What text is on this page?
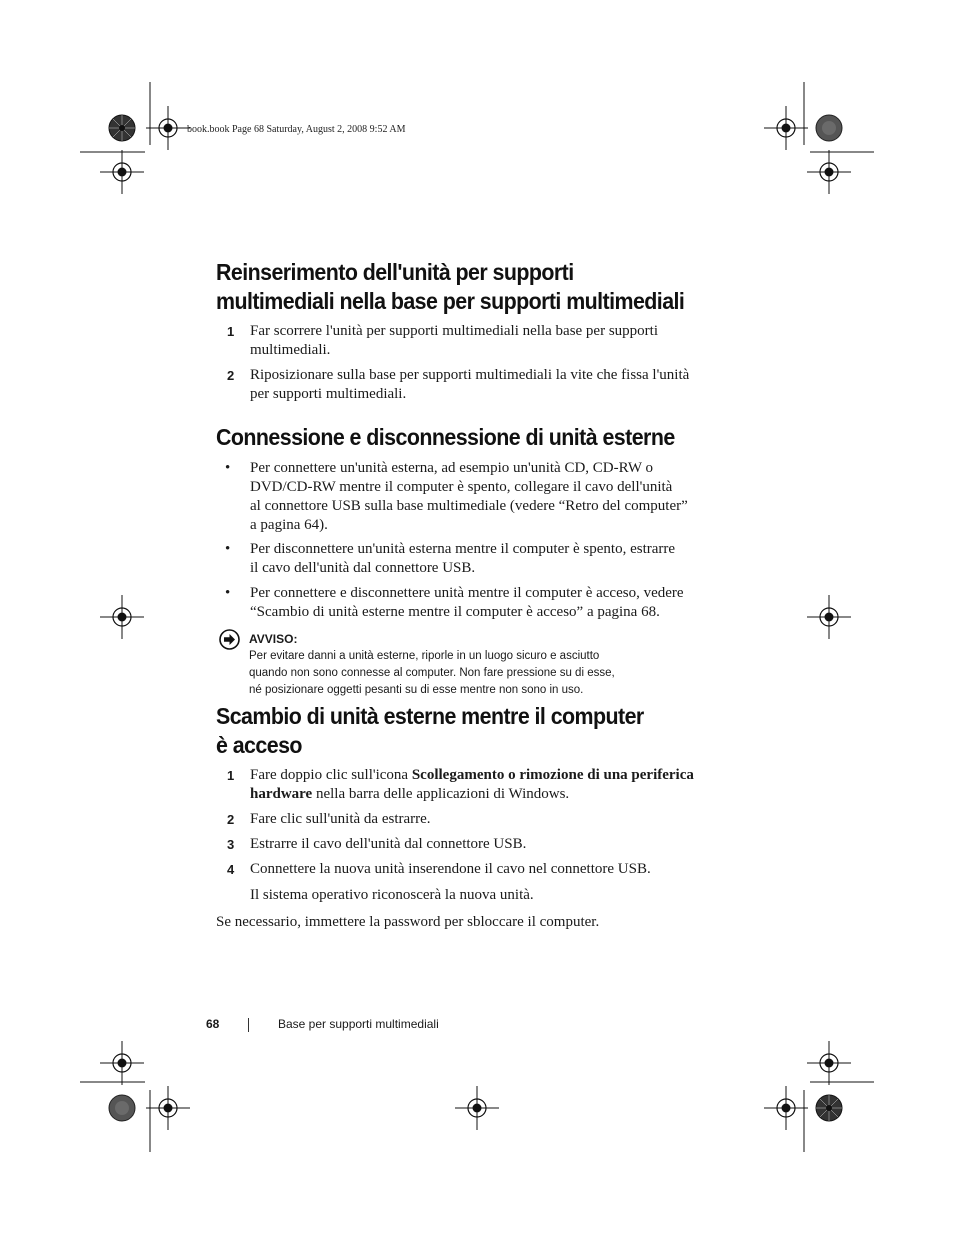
book.book Page 68 Saturday, August 2, 2008 9:52 AM
Reinserimento dell'unità per supporti
multimediali nella base per supporti multimediali
1 Far scorrere l'unità per supporti multimediali nella base per supporti
multimediali.
2 Riposizionare sulla base per supporti multimediali la vite che fissa l'unità
per supporti multimediali.
Connessione e disconnessione di unità esterne
• Per connettere un'unità esterna, ad esempio un'unità CD, CD-RW o
DVD/CD-RW mentre il computer è spento, collegare il cavo dell'unità
al connettore USB sulla base multimediale (vedere “Retro del computer”
a pagina 64).
• Per disconnettere un'unità esterna mentre il computer è spento, estrarre
il cavo dell'unità dal connettore USB.
• Per connettere e disconnettere unità mentre il computer è acceso, vedere
“Scambio di unità esterne mentre il computer è acceso” a pagina 68.
AVVISO:
Per evitare danni a unità esterne, riporle in un luogo sicuro e asciutto
quando non sono connesse al computer. Non fare pressione su di esse,
né posizionare oggetti pesanti su di esse mentre non sono in uso.
Scambio di unità esterne mentre il computer
è acceso
1 Fare doppio clic sull'icona Scollegamento o rimozione di una periferica
hardware nella barra delle applicazioni di Windows.
2 Fare clic sull'unità da estrarre.
3 Estrarre il cavo dell'unità dal connettore USB.
4 Connettere la nuova unità inserendone il cavo nel connettore USB.
Il sistema operativo riconoscerà la nuova unità.
Se necessario, immettere la password per sbloccare il computer.
68	Base per supporti multimediali
